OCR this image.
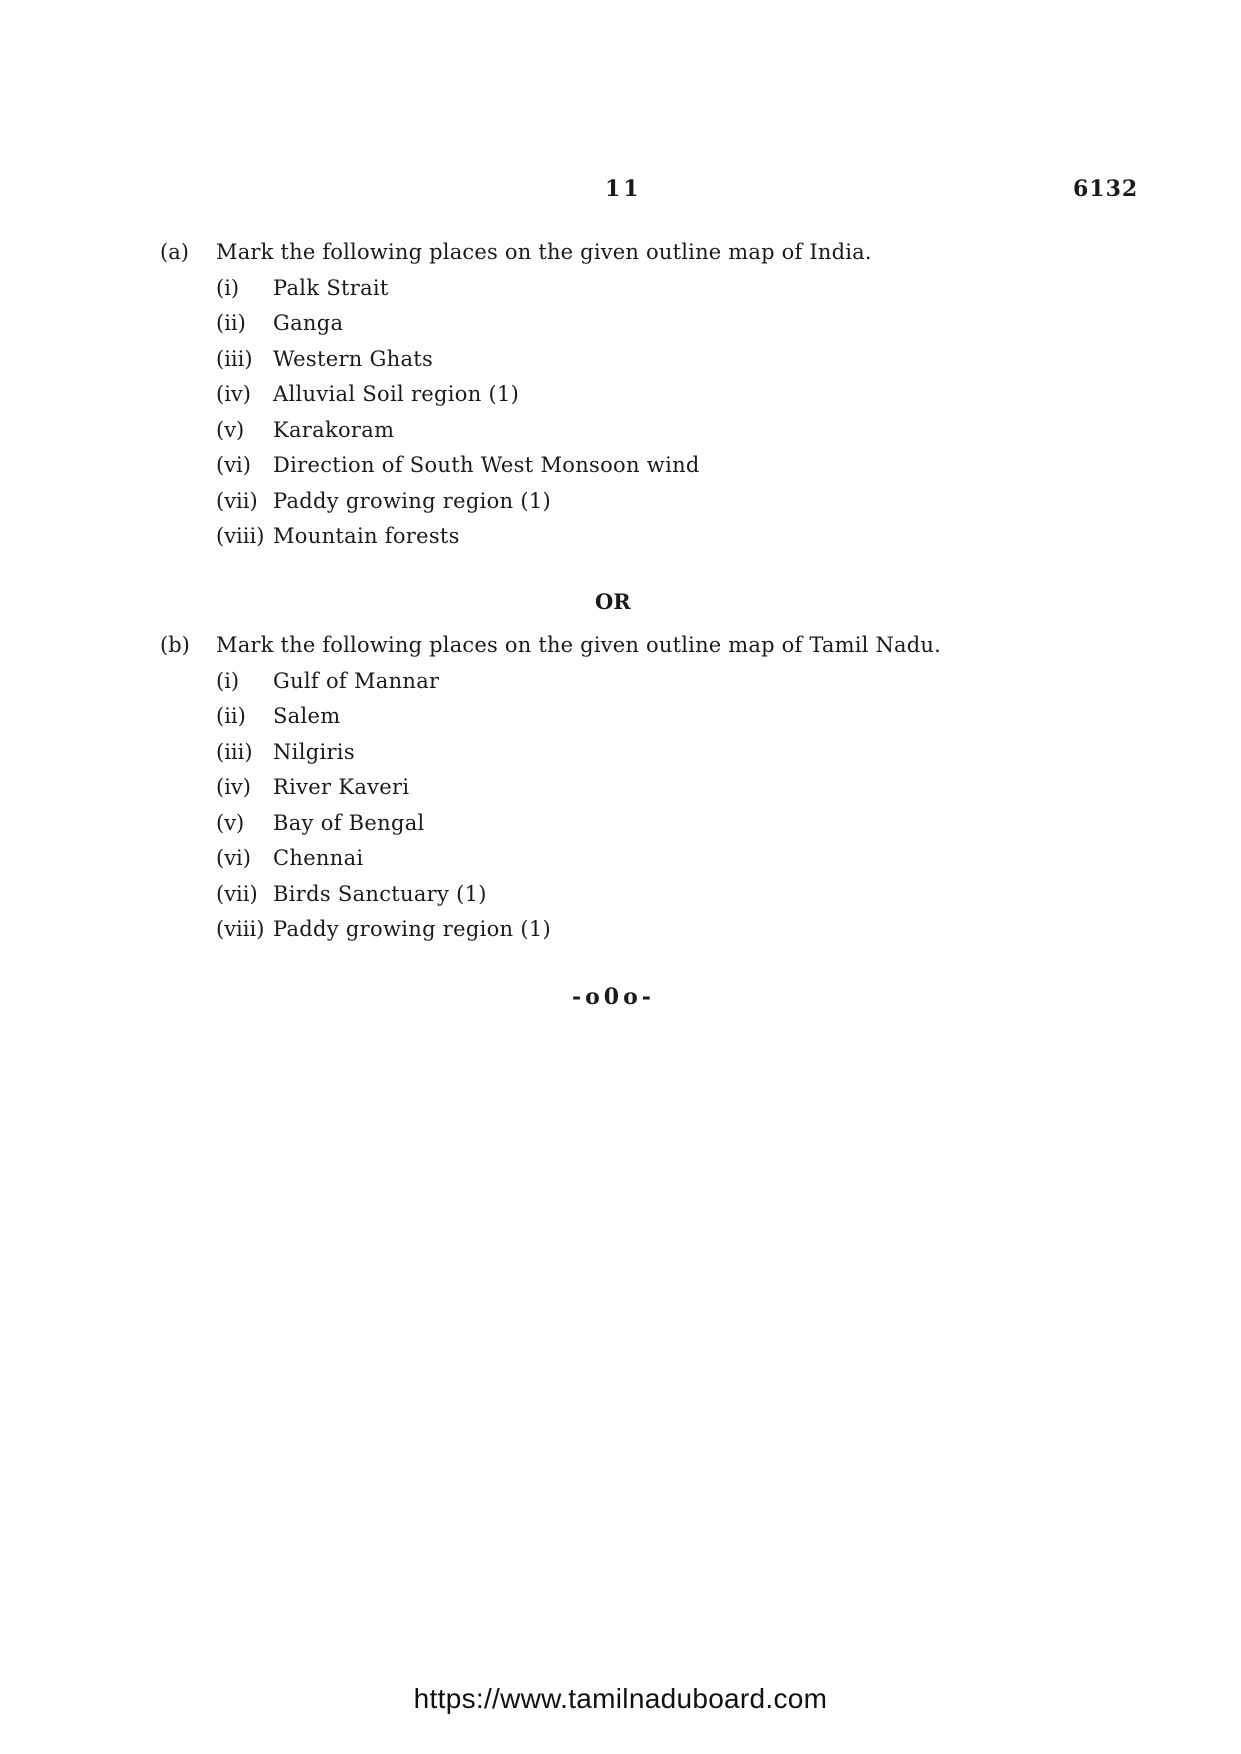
11	6132
(a)	Mark the following places on the given outline map of India.
(i)	Palk Strait
(ii)	Ganga
(iii) Western Ghats
(iv)	Alluvial Soil region (1)
(v)	Karakoram
(vi)	Direction of South West Monsoon wind
(vii) Paddy growing region (1)
(viii) Mountain forests
OR
(b)	Mark the following places on the given outline map of Tamil Nadu.
(i)	Gulf of Mannar
(ii)	Salem
(iii) Nilgiris
(iv)	River Kaveri
(v)	Bay of Bengal
(vi)	Chennai
(vii) Birds Sanctuary (1)
(viii) Paddy growing region (1)
-o0o-
https://www.tamilnaduboard.com
